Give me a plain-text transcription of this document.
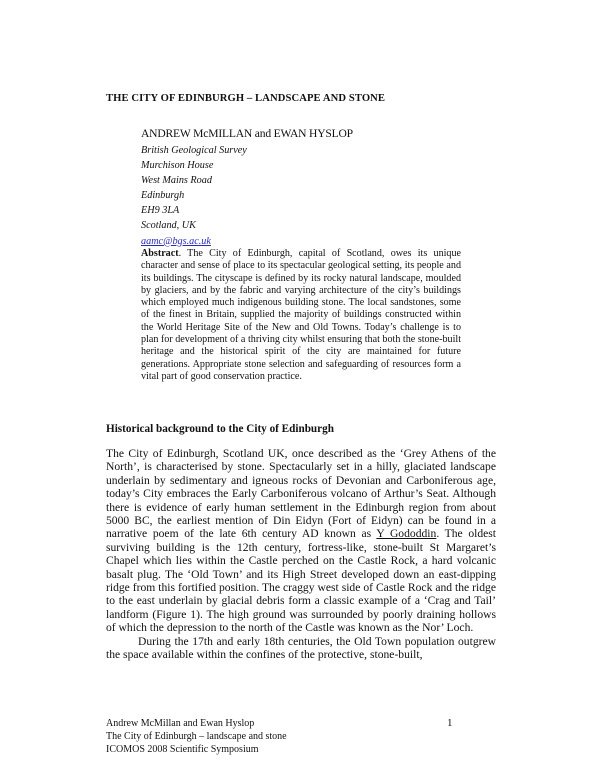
THE CITY OF EDINBURGH – LANDSCAPE AND STONE
ANDREW McMILLAN and EWAN HYSLOP
British Geological Survey
Murchison House
West Mains Road
Edinburgh
EH9 3LA
Scotland, UK
aamc@bgs.ac.uk
Abstract. The City of Edinburgh, capital of Scotland, owes its unique character and sense of place to its spectacular geological setting, its people and its buildings. The cityscape is defined by its rocky natural landscape, moulded by glaciers, and by the fabric and varying architecture of the city’s buildings which employed much indigenous building stone. The local sandstones, some of the finest in Britain, supplied the majority of buildings constructed within the World Heritage Site of the New and Old Towns. Today’s challenge is to plan for development of a thriving city whilst ensuring that both the stone-built heritage and the historical spirit of the city are maintained for future generations. Appropriate stone selection and safeguarding of resources form a vital part of good conservation practice.
Historical background to the City of Edinburgh

The City of Edinburgh, Scotland UK, once described as the ‘Grey Athens of the North’, is characterised by stone. Spectacularly set in a hilly, glaciated landscape underlain by sedimentary and igneous rocks of Devonian and Carboniferous age, today’s City embraces the Early Carboniferous volcano of Arthur’s Seat. Although there is evidence of early human settlement in the Edinburgh region from about 5000 BC, the earliest mention of Din Eidyn (Fort of Eidyn) can be found in a narrative poem of the late 6th century AD known as Y Gododdin. The oldest surviving building is the 12th century, fortress-like, stone-built St Margaret’s Chapel which lies within the Castle perched on the Castle Rock, a hard volcanic basalt plug. The ‘Old Town’ and its High Street developed down an east-dipping ridge from this fortified position. The craggy west side of Castle Rock and the ridge to the east underlain by glacial debris form a classic example of a ‘Crag and Tail’ landform (Figure 1). The high ground was surrounded by poorly draining hollows of which the depression to the north of the Castle was known as the Nor’ Loch.

During the 17th and early 18th centuries, the Old Town population outgrew the space available within the confines of the protective, stone-built,

Andrew McMillan and Ewan Hyslop
The City of Edinburgh – landscape and stone
ICOMOS 2008 Scientific Symposium
1
